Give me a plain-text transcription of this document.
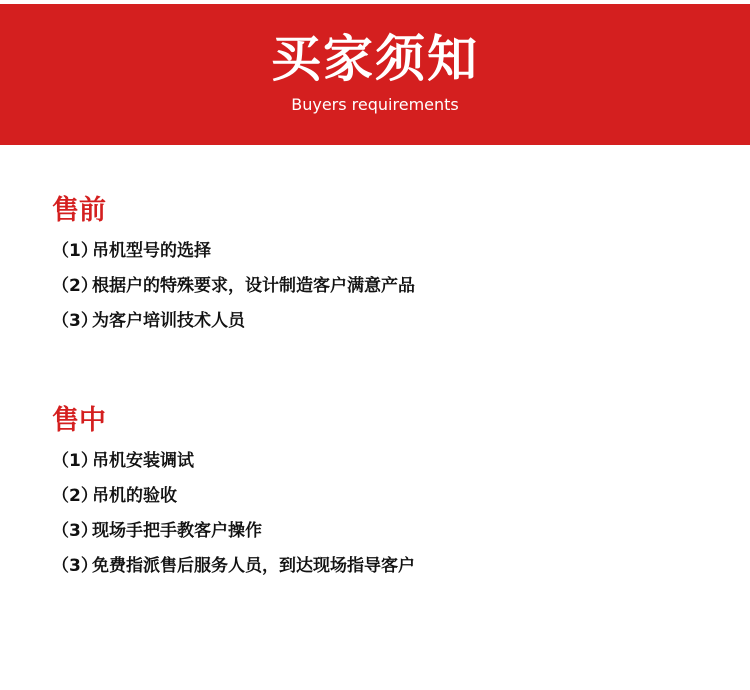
买家须知
Buyers requirements
售前
（1）吊机型号的选择
（2）根据户的特殊要求，设计制造客户满意产品
（3）为客户培训技术人员
售中
（1）吊机安装调试
（2）吊机的验收
（3）现场手把手教客户操作
（3）免费指派售后服务人员，到达现场指导客户
